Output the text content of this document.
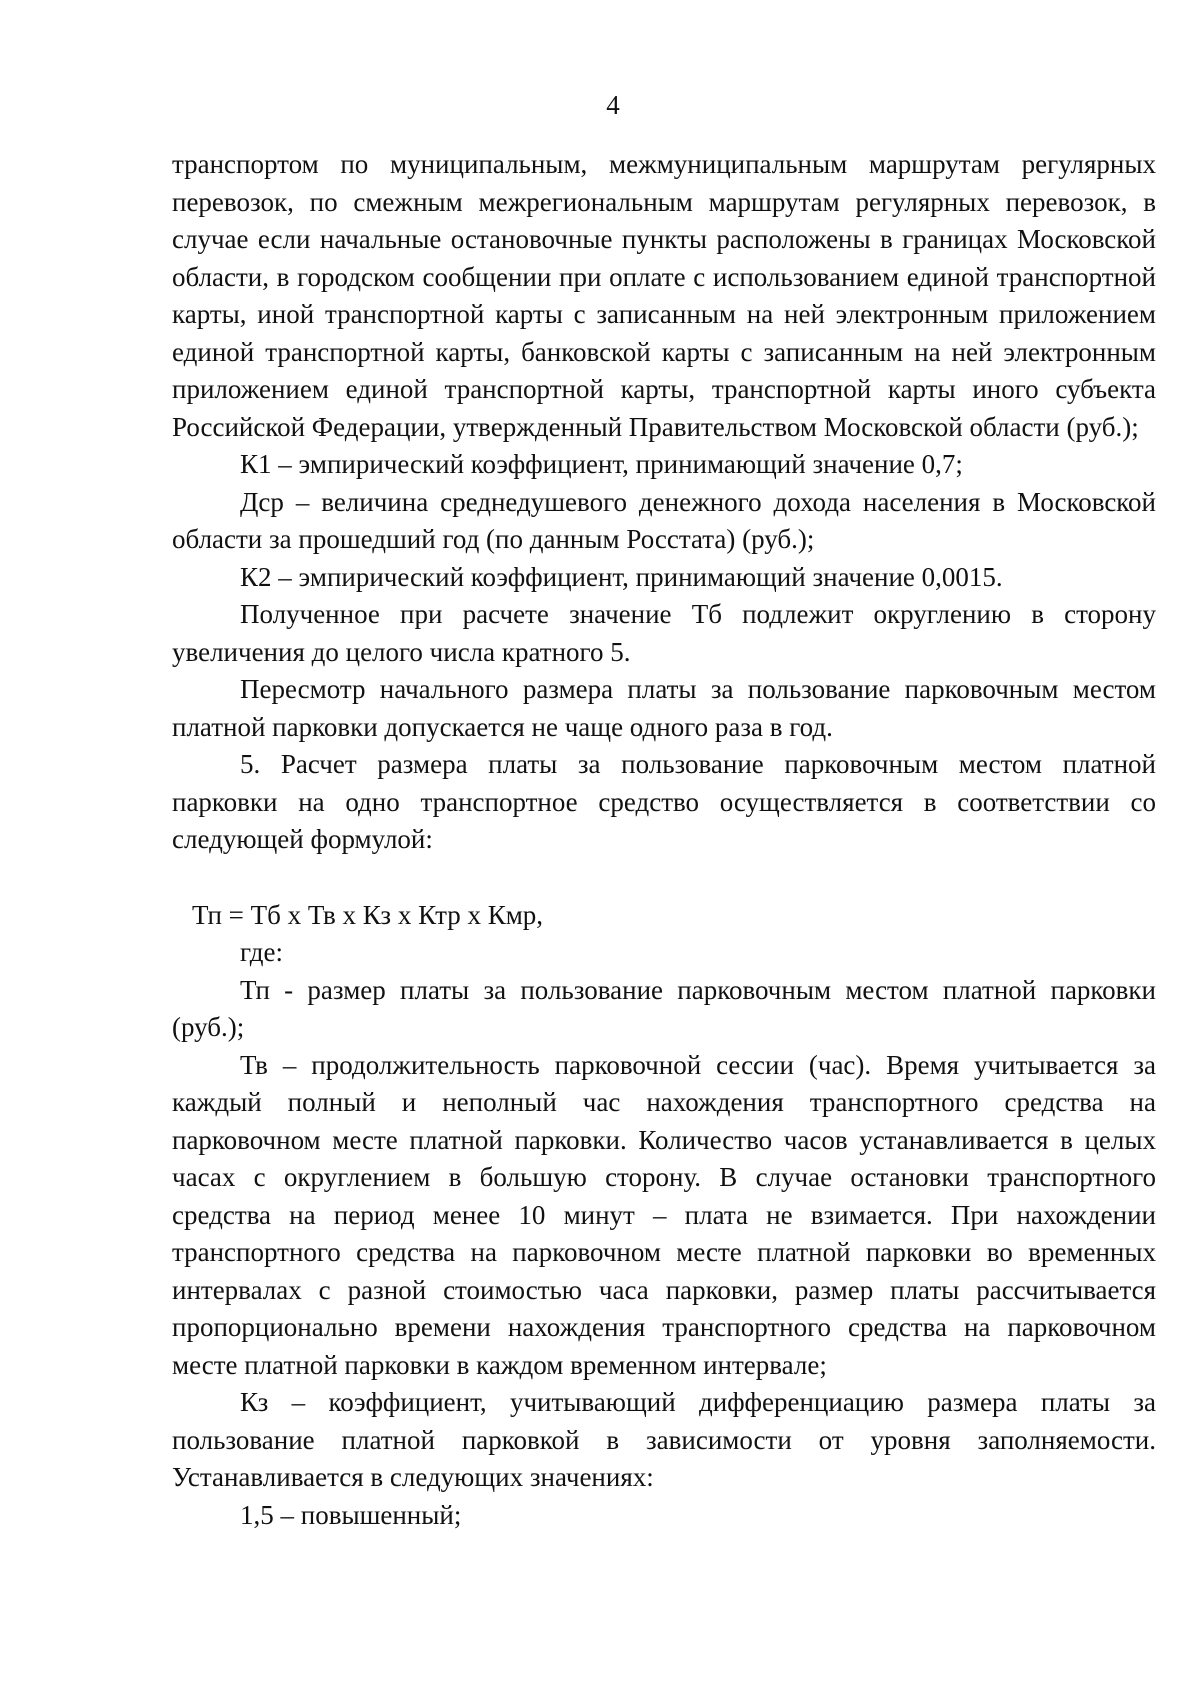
4

транспортом по муниципальным, межмуниципальным маршрутам регулярных перевозок, по смежным межрегиональным маршрутам регулярных перевозок, в случае если начальные остановочные пункты расположены в границах Московской области, в городском сообщении при оплате с использованием единой транспортной карты, иной транспортной карты с записанным на ней электронным приложением единой транспортной карты, банковской карты с записанным на ней электронным приложением единой транспортной карты, транспортной карты иного субъекта Российской Федерации, утвержденный Правительством Московской области (руб.);

К1 – эмпирический коэффициент, принимающий значение 0,7;

Дср – величина среднедушевого денежного дохода населения в Московской области за прошедший год (по данным Росстата) (руб.);

К2 – эмпирический коэффициент, принимающий значение 0,0015.

Полученное при расчете значение Тб подлежит округлению в сторону увеличения до целого числа кратного 5.

Пересмотр начального размера платы за пользование парковочным местом платной парковки допускается не чаще одного раза в год.

5. Расчет размера платы за пользование парковочным местом платной парковки на одно транспортное средство осуществляется в соответствии со следующей формулой:

Тп = Тб х Тв х Кз х Ктр х Кмр,

где:

Тп - размер платы за пользование парковочным местом платной парковки (руб.);

Тв – продолжительность парковочной сессии (час). Время учитывается за каждый полный и неполный час нахождения транспортного средства на парковочном месте платной парковки. Количество часов устанавливается в целых часах с округлением в большую сторону. В случае остановки транспортного средства на период менее 10 минут – плата не взимается. При нахождении транспортного средства на парковочном месте платной парковки во временных интервалах с разной стоимостью часа парковки, размер платы рассчитывается пропорционально времени нахождения транспортного средства на парковочном месте платной парковки в каждом временном интервале;

Кз – коэффициент, учитывающий дифференциацию размера платы за пользование платной парковкой в зависимости от уровня заполняемости. Устанавливается в следующих значениях:

1,5 – повышенный;
